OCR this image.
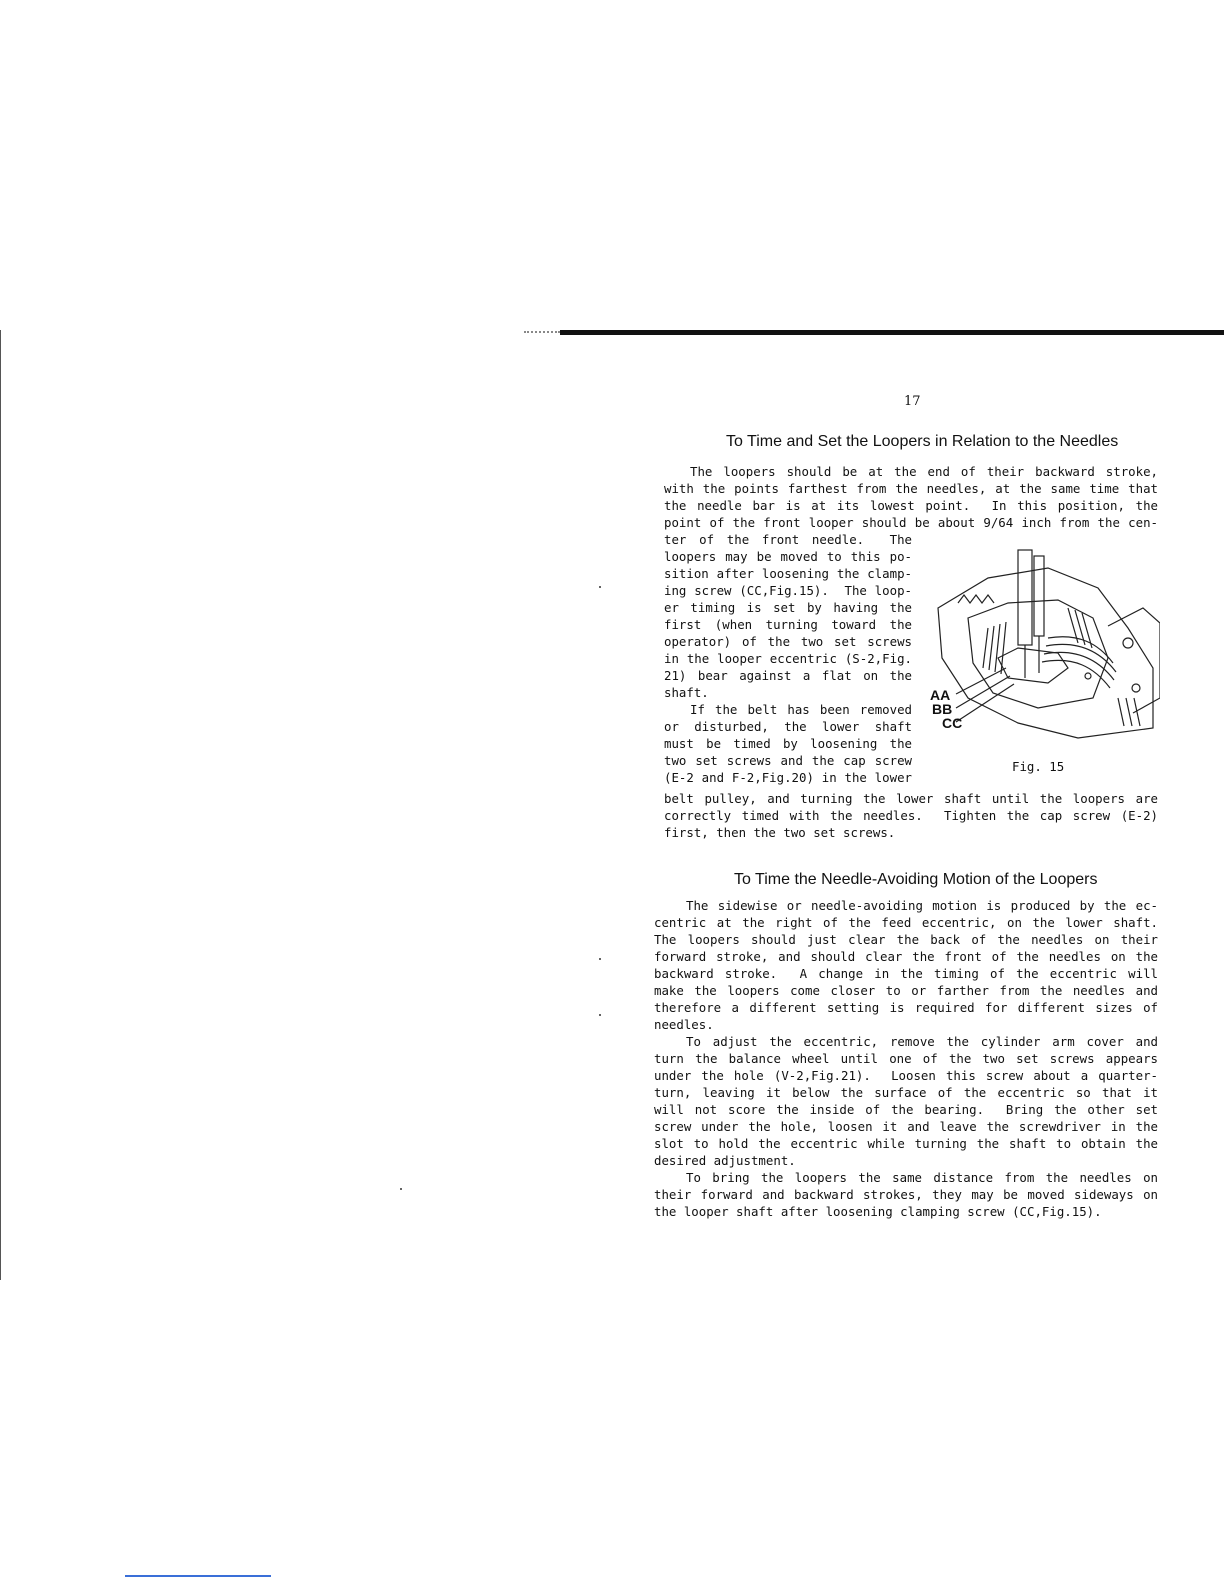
17
To Time and Set the Loopers in Relation to the Needles
The loopers should be at the end of their backward stroke,
with the points farthest from the needles, at the same time that
the needle bar is at its lowest point.  In this position, the
point of the front looper should be about 9/64 inch from the cen-
ter of the front needle.  The
loopers may be moved to this po-
sition after loosening the clamp-
ing screw (CC,Fig.15).  The loop-
er timing is set by having the
first (when turning toward the
operator) of the two set screws
in the looper eccentric (S-2,Fig.
21) bear against a flat on the
shaft.
If the belt has been removed
or disturbed, the lower shaft
must be timed by loosening the
two set screws and the cap screw
(E-2 and F-2,Fig.20) in the lower
belt pulley, and turning the lower shaft until the loopers are
correctly timed with the needles.  Tighten the cap screw (E-2)
first, then the two set screws.
AA
BB
CC
Fig. 15
To Time the Needle-Avoiding Motion of the Loopers
The sidewise or needle-avoiding motion is produced by the ec-
centric at the right of the feed eccentric, on the lower shaft.
The loopers should just clear the back of the needles on their
forward stroke, and should clear the front of the needles on the
backward stroke.  A change in the timing of the eccentric will
make the loopers come closer to or farther from the needles and
therefore a different setting is required for different sizes of
needles.
To adjust the eccentric, remove the cylinder arm cover and
turn the balance wheel until one of the two set screws appears
under the hole (V-2,Fig.21).  Loosen this screw about a quarter-
turn, leaving it below the surface of the eccentric so that it
will not score the inside of the bearing.  Bring the other set
screw under the hole, loosen it and leave the screwdriver in the
slot to hold the eccentric while turning the shaft to obtain the
desired adjustment.
To bring the loopers the same distance from the needles on
their forward and backward strokes, they may be moved sideways on
the looper shaft after loosening clamping screw (CC,Fig.15).
